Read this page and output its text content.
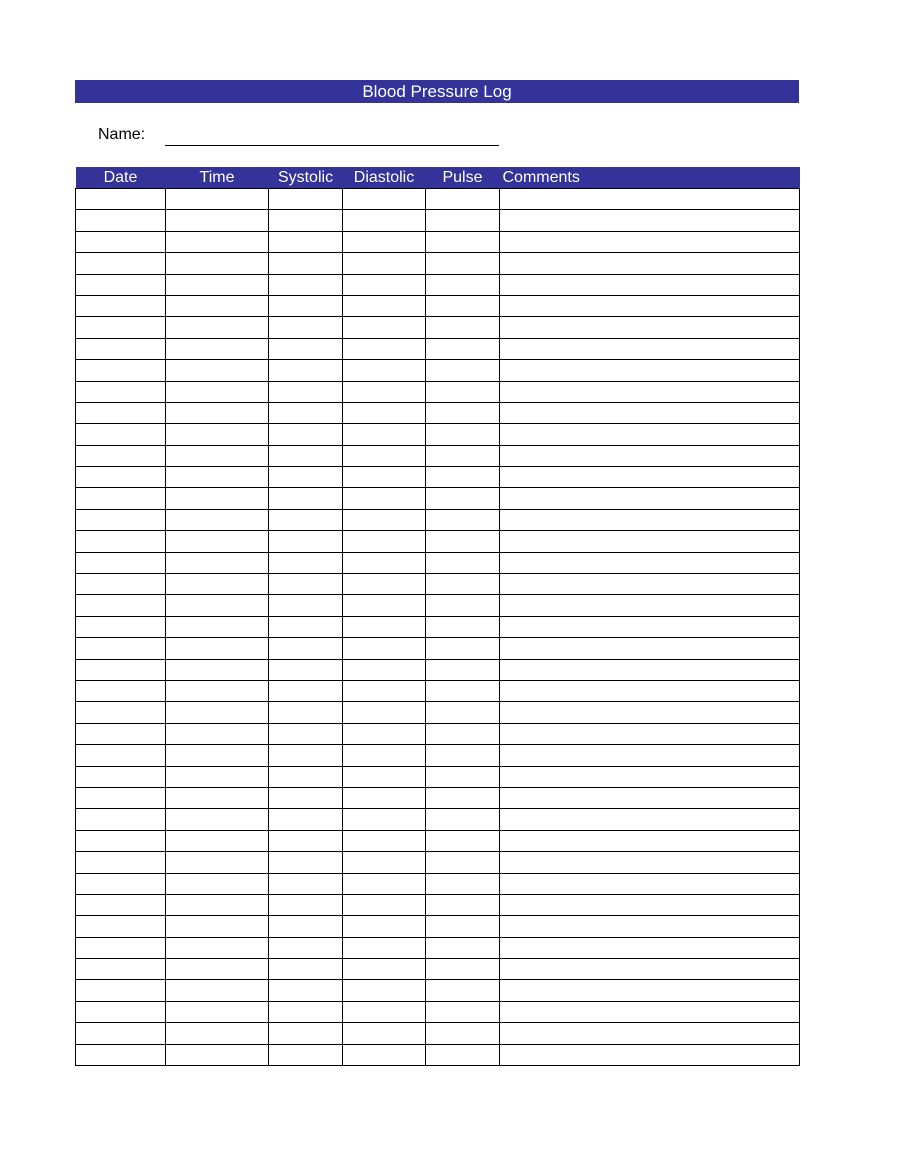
Blood Pressure Log
Name:
Date	Time	Systolic	Diastolic	Pulse	Comments
